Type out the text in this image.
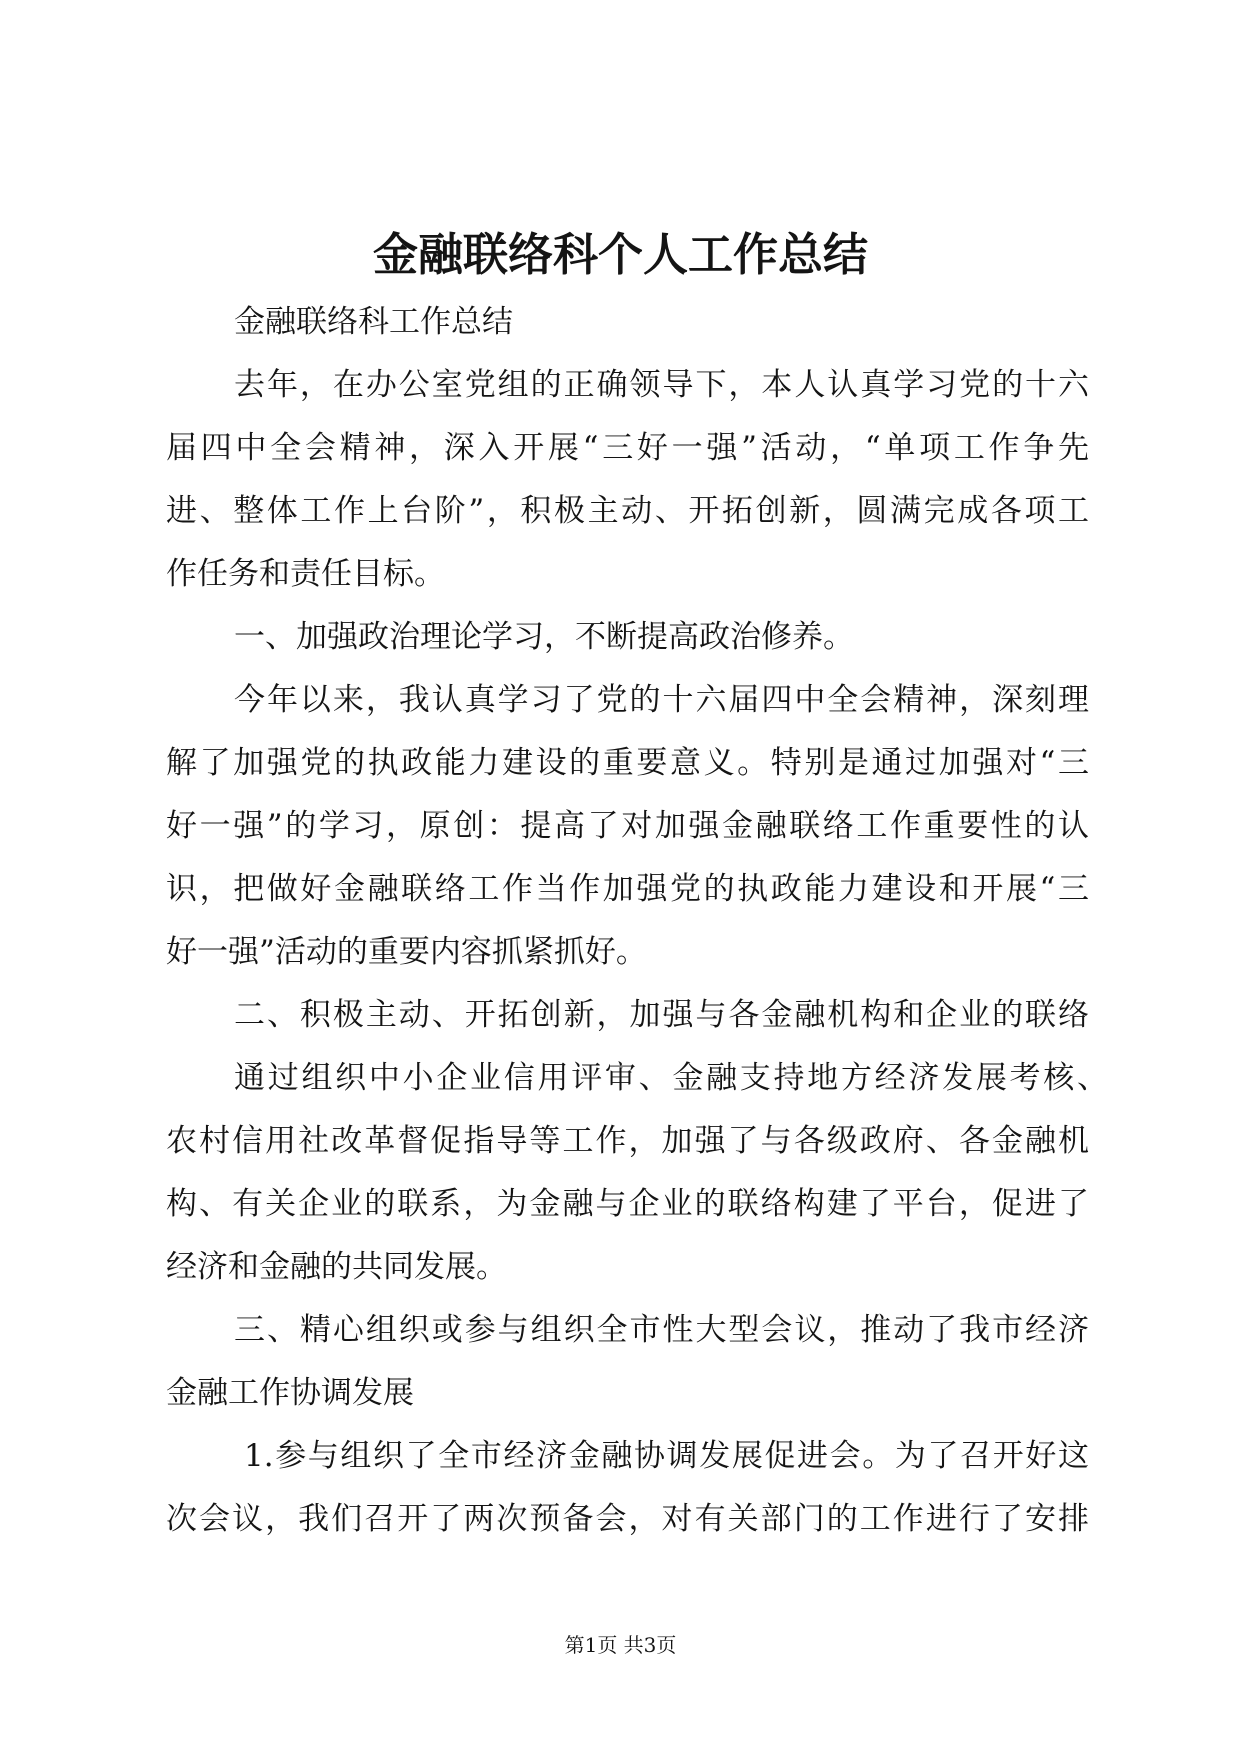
金融联络科个人工作总结
金融联络科工作总结
去年，在办公室党组的正确领导下，本人认真学习党的十六
届四中全会精神，深入开展“三好一强”活动，“单项工作争先
进、整体工作上台阶”，积极主动、开拓创新，圆满完成各项工
作任务和责任目标。
一、加强政治理论学习，不断提高政治修养。
今年以来，我认真学习了党的十六届四中全会精神，深刻理
解了加强党的执政能力建设的重要意义。特别是通过加强对“三
好一强”的学习，原创：提高了对加强金融联络工作重要性的认
识，把做好金融联络工作当作加强党的执政能力建设和开展“三
好一强”活动的重要内容抓紧抓好。
二、积极主动、开拓创新，加强与各金融机构和企业的联络
通过组织中小企业信用评审、金融支持地方经济发展考核、
农村信用社改革督促指导等工作，加强了与各级政府、各金融机
构、有关企业的联系，为金融与企业的联络构建了平台，促进了
经济和金融的共同发展。
三、精心组织或参与组织全市性大型会议，推动了我市经济
金融工作协调发展
1.参与组织了全市经济金融协调发展促进会。为了召开好这
次会议，我们召开了两次预备会，对有关部门的工作进行了安排
第1页 共3页
